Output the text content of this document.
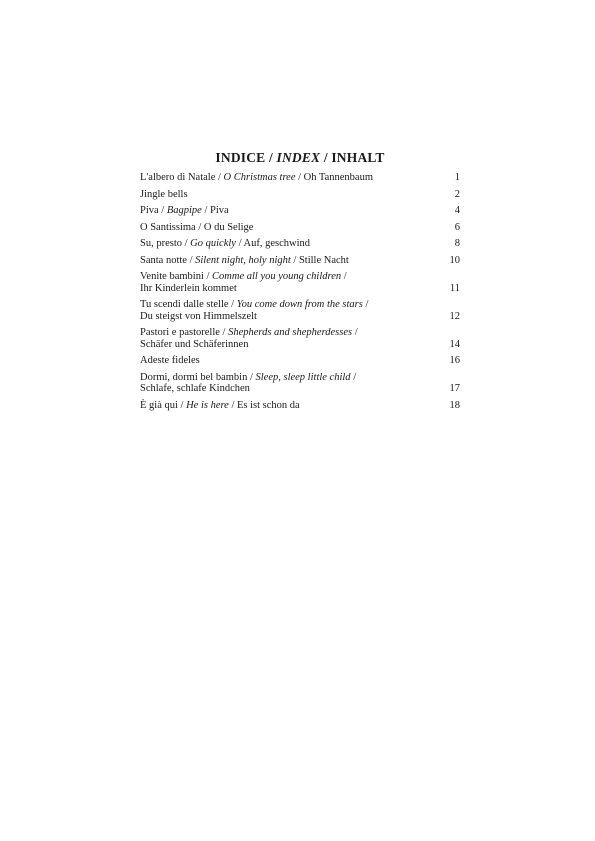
INDICE / INDEX / INHALT
L'albero di Natale / O Christmas tree / Oh Tannenbaum	1
Jingle bells	2
Piva / Bagpipe / Piva	4
O Santissima / O du Selige	6
Su, presto / Go quickly / Auf, geschwind	8
Santa notte / Silent night, holy night / Stille Nacht	10
Venite bambini / Comme all you young children /
Ihr Kinderlein kommet	11
Tu scendi dalle stelle / You come down from the stars /
Du steigst von Himmelszelt	12
Pastori e pastorelle / Shepherds and shepherdesses /
Schäfer und Schäferinnen	14
Adeste fideles	16
Dormi, dormi bel bambin / Sleep, sleep little child /
Schlafe, schlafe Kindchen	17
È già qui / He is here / Es ist schon da	18
